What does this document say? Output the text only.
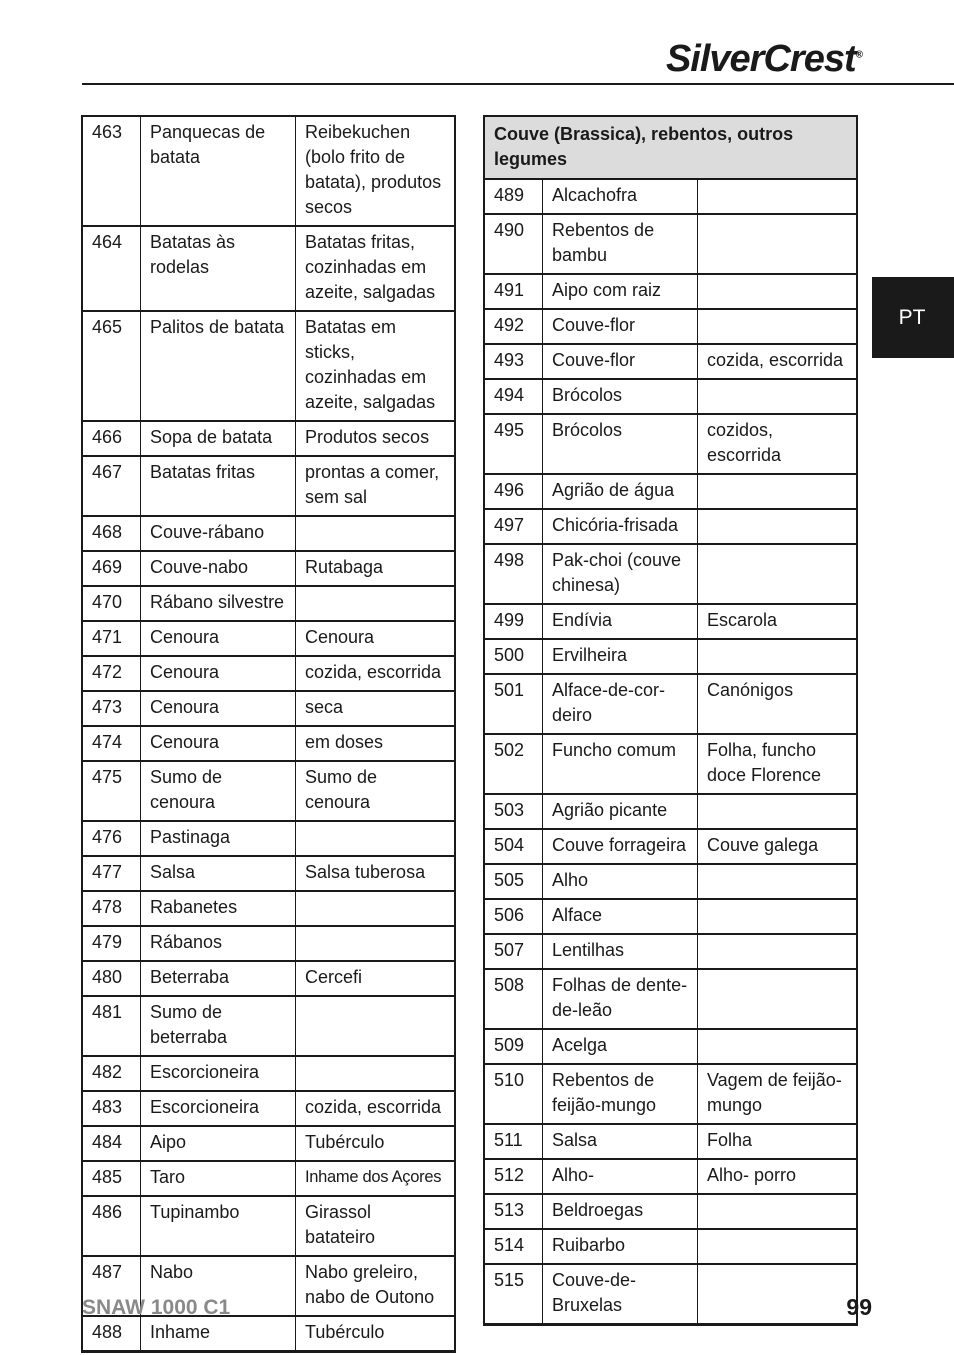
SilverCrest®
PT
463	Panquecas de batata	Reibekuchen (bolo frito de batata), produtos secos
464	Batatas às rodelas	Batatas fritas, cozinhadas em azeite, salgadas
465	Palitos de batata	Batatas em sticks, cozinhadas em azeite, salgadas
466	Sopa de batata	Produtos secos
467	Batatas fritas	prontas a comer, sem sal
468	Couve-rábano	
469	Couve-nabo	Rutabaga
470	Rábano silvestre	
471	Cenoura	Cenoura
472	Cenoura	cozida, escorrida
473	Cenoura	seca
474	Cenoura	em doses
475	Sumo de cenoura	Sumo de cenoura
476	Pastinaga	
477	Salsa	Salsa tuberosa
478	Rabanetes	
479	Rábanos	
480	Beterraba	Cercefi
481	Sumo de beterraba	
482	Escorcioneira	
483	Escorcioneira	cozida, escorrida
484	Aipo	Tubérculo
485	Taro	Inhame dos Açores
486	Tupinambo	Girassol batateiro
487	Nabo	Nabo greleiro, nabo de Outono
488	Inhame	Tubérculo
Couve (Brassica), rebentos, outros legumes		
489	Alcachofra	
490	Rebentos de bambu	
491	Aipo com raiz	
492	Couve-flor	
493	Couve-flor	cozida, escorrida
494	Brócolos	
495	Brócolos	cozidos, escorrida
496	Agrião de água	
497	Chicória-frisada	
498	Pak-choi (couve chinesa)	
499	Endívia	Escarola
500	Ervilheira	
501	Alface-de-cor-deiro	Canónigos
502	Funcho comum	Folha, funcho doce Florence
503	Agrião picante	
504	Couve forrageira	Couve galega
505	Alho	
506	Alface	
507	Lentilhas	
508	Folhas de dente-de-leão	
509	Acelga	
510	Rebentos de feijão-mungo	Vagem de feijão-mungo
511	Salsa	Folha
512	Alho-	Alho- porro
513	Beldroegas	
514	Ruibarbo	
515	Couve-de-Bruxelas	
SNAW 1000 C1	99
